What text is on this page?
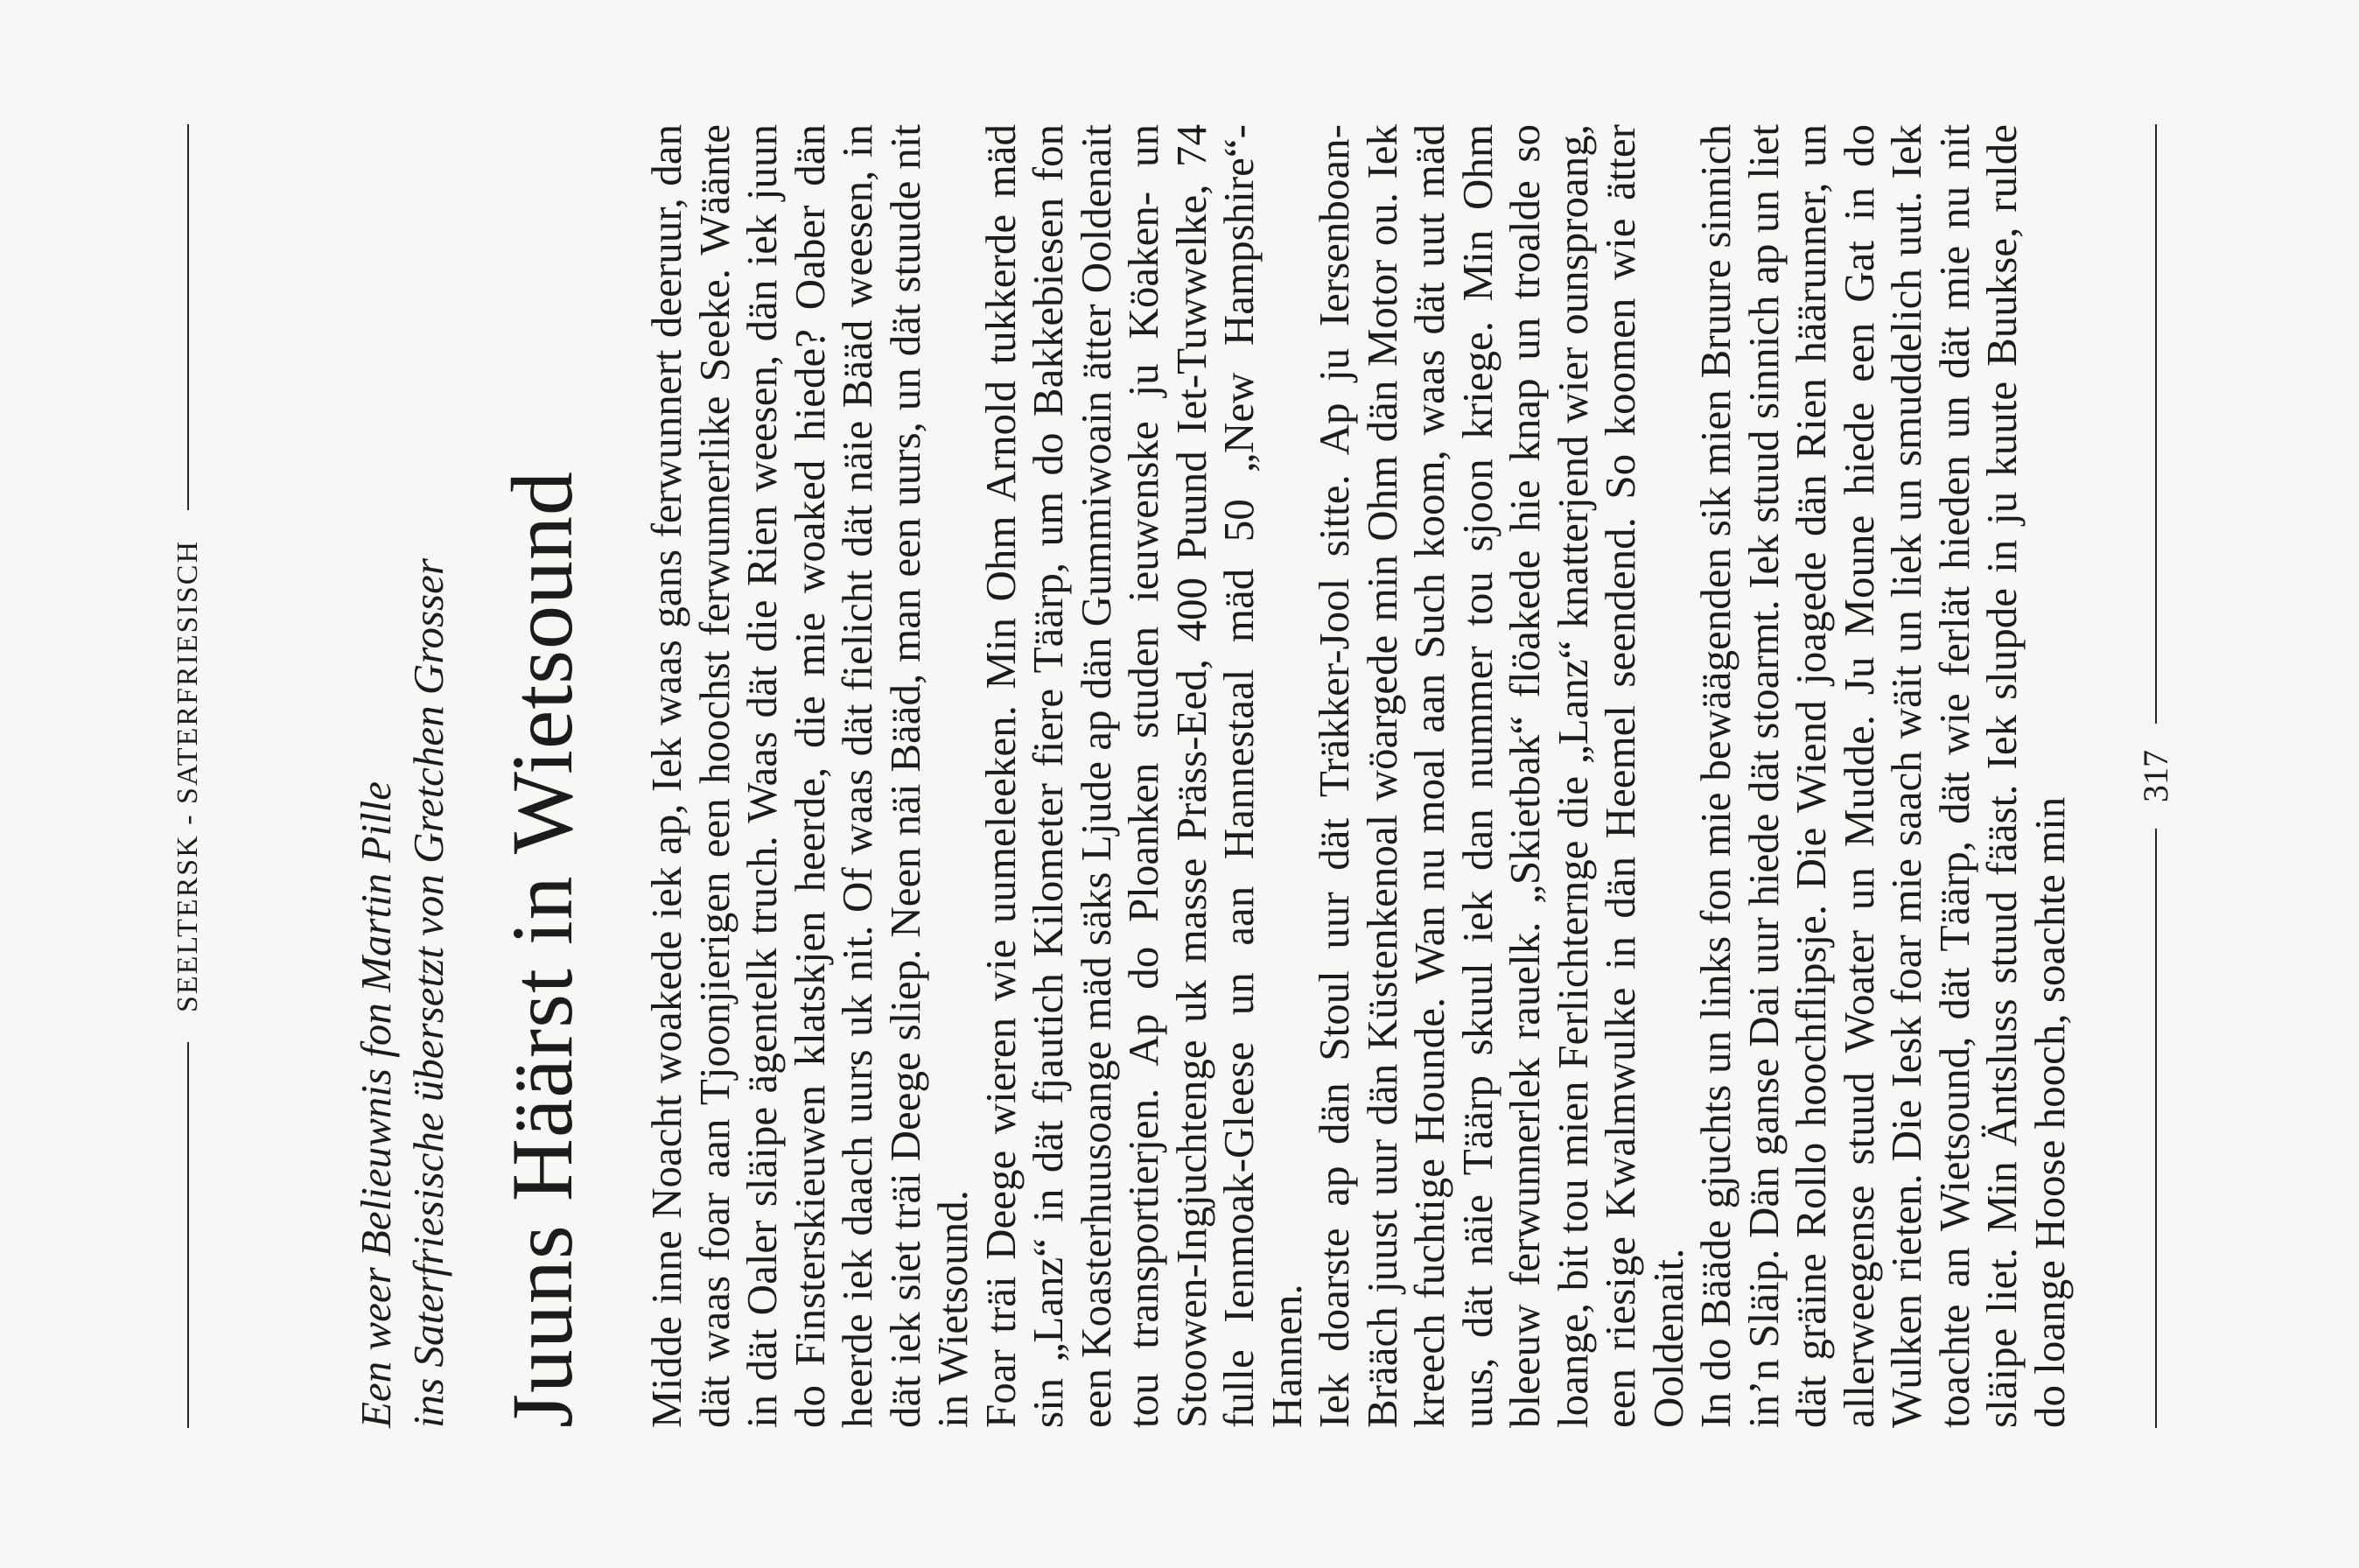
SEELTERSK - SATERFRIESISCH
Een weer Belieuwnis fon Martin Pille ins Saterfriesische übersetzt von Gretchen Grosser Juuns Häärst in Wietsound Midde inne Noacht woakede iek ap, Iek waas gans ferwunnert deeruur, dan dät waas foar aan Tjoonjierigen een hoochst ferwunnerlike Seeke. Wäänte in dät Oaler släipe ägentelk truch. Waas dät die Rien weesen, dän iek juun do Finsterskieuwen klatskjen heerde, die mie woaked hiede? Oaber dän heerde iek daach uurs uk nit. Of waas dät fielicht dät näie Bääd weesen, in dät iek siet träi Deege sliep. Neen näi Bääd, man een uurs, un dät stuude nit in Wietsound. Foar träi Deege wieren wie uumeleeken. Min Ohm Arnold tukkerde mäd sin „Lanz“ in dät fjautich Kilometer fiere Täärp, um do Bakkebiesen fon een Koasterhuusoange mäd säks Ljude ap dän Gummiwoain ätter Ooldenait tou transportierjen. Ap do Ploanken studen ieuwenske ju Köaken- un Stoowen-Ingjuchtenge uk masse Präss-Eed, 400 Puund Iet-Tuwwelke, 74 fulle Ienmoak-Gleese un aan Hannestaal mäd 50 „New Hampshire“-Hannen. Iek doarste ap dän Stoul uur dät Träkker-Jool sitte. Ap ju Iersenboan-Brääch juust uur dän Küstenkenoal wöargede min Ohm dän Motor ou. Iek kreech fuchtige Hounde. Wan nu moal aan Such koom, waas dät uut mäd uus, dät näie Täärp skuul iek dan nummer tou sjoon kriege. Min Ohm bleeuw ferwunnerlek rauelk. „Skietbak“ flöakede hie knap un troalde so loange, bit tou mien Ferlichternge die „Lanz“ knatterjend wier ounsproang, een riesige Kwalmwulke in dän Heemel seendend. So koomen wie ätter Ooldenait. In do Bääde gjuchts un links fon mie bewäägenden sik mien Bruure sinnich in’n Släip. Dän ganse Dai uur hiede dät stoarmt. Iek stuud sinnich ap un liet dät gräine Rollo hoochflipsje. Die Wiend joagede dän Rien häärunner, un allerweegense stuud Woater un Mudde. Ju Moune hiede een Gat in do Wulken rieten. Die Iesk foar mie saach wäit un liek un smuddelich uut. Iek toachte an Wietsound, dät Täärp, dät wie ferlät hieden un dät mie nu nit släipe liet. Min Äntsluss stuud fääst. Iek slupde in ju kuute Buukse, rulde do loange Hoose hooch, soachte min

317
